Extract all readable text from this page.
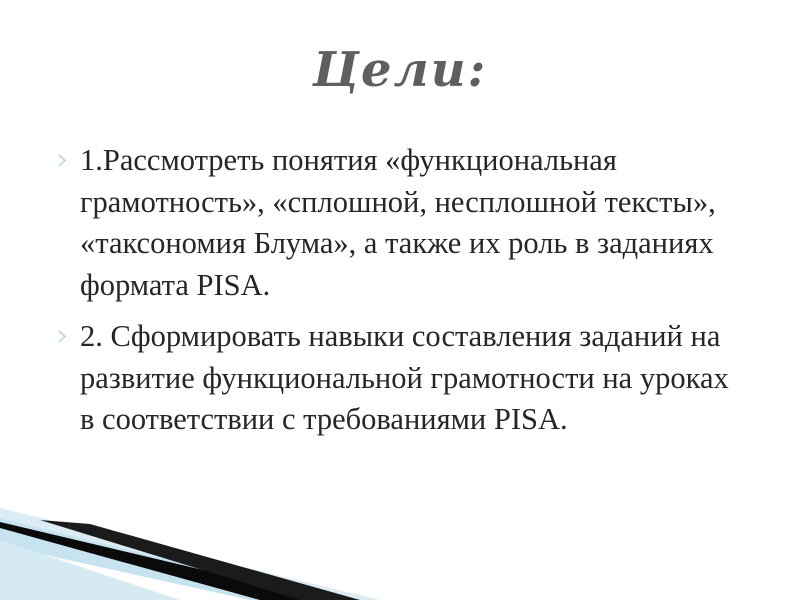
Цели:
1.Рассмотреть понятия «функциональная грамотность», «сплошной, несплошной тексты», «таксономия Блума», а также их роль в заданиях формата PISA.
2. Сформировать навыки составления заданий на развитие функциональной грамотности на уроках в соответствии с требованиями PISA.
